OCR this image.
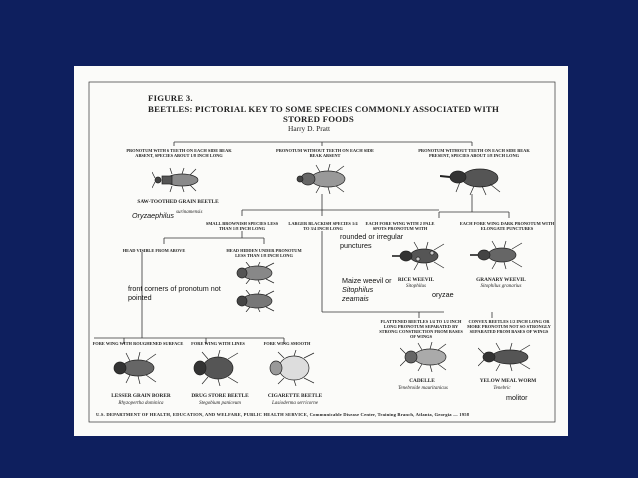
FIGURE 3.
BEETLES: PICTORIAL KEY TO SOME SPECIES COMMONLY ASSOCIATED WITH
STORED FOODS
Harry D. Pratt
PRONOTUM WITH 6 TEETH ON EACH SIDE BEAK ABSENT, SPECIES ABOUT 1/8 INCH LONG
PRONOTUM WITHOUT TEETH ON EACH SIDE BEAK ABSENT
PRONOTUM WITHOUT TEETH ON EACH SIDE BEAK PRESENT, SPECIES ABOUT 1/8 INCH LONG
SAW-TOOTHED GRAIN BEETLE
Oryzaephilus surinamensis
SMALL BROWNISH SPECIES LESS THAN 1/8 INCH LONG
LARGER BLACKISH SPECIES 1/4 TO 3/4 INCH LONG
EACH FORE WING WITH 2 PALE SPOTS PRONOTUM WITH
EACH FORE WING DARK PRONOTUM WITH ELONGATE PUNCTURES
rounded or irregular punctures
HEAD VISIBLE FROM ABOVE	HEAD HIDDEN UNDER PRONOTUM LESS THAN 1/8 INCH LONG
front corners of pronotum not pointed
Maize weevil or
Sitophilus
zeamais
RICE WEEVIL
Sitophilus
oryzae
GRANARY WEEVIL
Sitophilus granarius
FLATTENED BEETLES 1/4 TO 1/2 INCH LONG PRONOTUM SEPARATED BY STRONG CONSTRICTION FROM BASES OF WINGS
CONVEX BEETLES 1/2 INCH LONG OR MORE PRONOTUM NOT SO STRONGLY SEPARATED FROM BASES OF WINGS
CADELLE
Tenebroide mauritanicus
YELOW MEAL WORM
Tenebric
molitor
FORE WING WITH ROUGHENED SURFACE	FORE WING WITH LINES	FORE WING SMOOTH
LESSER GRAIN BORER
Rhyzopertha dominica
DRUG STORE BEETLE
Stegobium paniceum
CIGARETTE BEETLE
Lasioderma serricorne
U.S. DEPARTMENT OF HEALTH, EDUCATION, AND WELFARE, PUBLIC HEALTH SERVICE, Communicable Disease Center, Training Branch, Atlanta, Georgia — 1958
